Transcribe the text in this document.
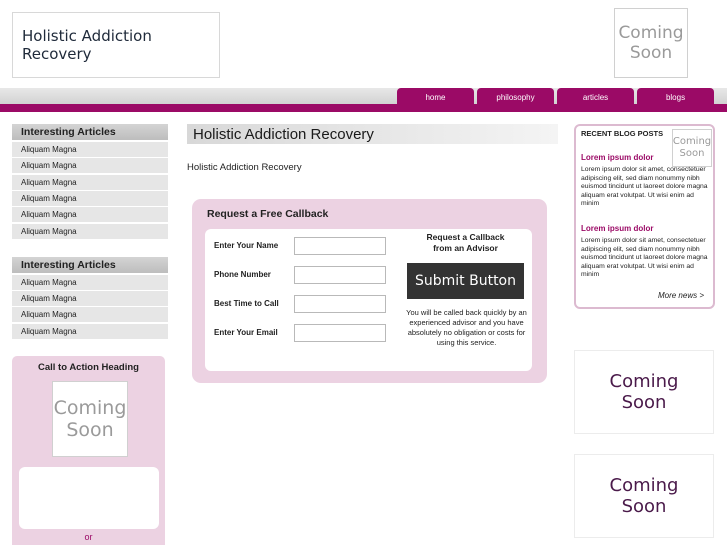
Holistic Addiction Recovery
Coming
Soon
home	philosophy	articles	blogs
Interesting Articles
Aliquam Magna
Aliquam Magna
Aliquam Magna
Aliquam Magna
Aliquam Magna
Aliquam Magna
Interesting Articles
Aliquam Magna
Aliquam Magna
Aliquam Magna
Aliquam Magna
Call to Action Heading
Coming
Soon
or
Holistic Addiction Recovery
Holistic Addiction Recovery
Request a Free Callback
Enter Your Name
Phone Number
Best Time to Call
Enter Your Email
Request a Callback
from an Advisor
Submit Button
You will be called back quickly by an experienced advisor and you have absolutely no obligation or costs for using this service.
RECENT BLOG POSTS
Coming
Soon
Lorem ipsum dolor
Lorem ipsum dolor sit amet, consectetuer adipiscing elit, sed diam nonummy nibh euismod tincidunt ut laoreet dolore magna aliquam erat volutpat. Ut wisi enim ad minim
Lorem ipsum dolor
Lorem ipsum dolor sit amet, consectetuer adipiscing elit, sed diam nonummy nibh euismod tincidunt ut laoreet dolore magna aliquam erat volutpat. Ut wisi enim ad minim
More news >
Coming
Soon
Coming
Soon
